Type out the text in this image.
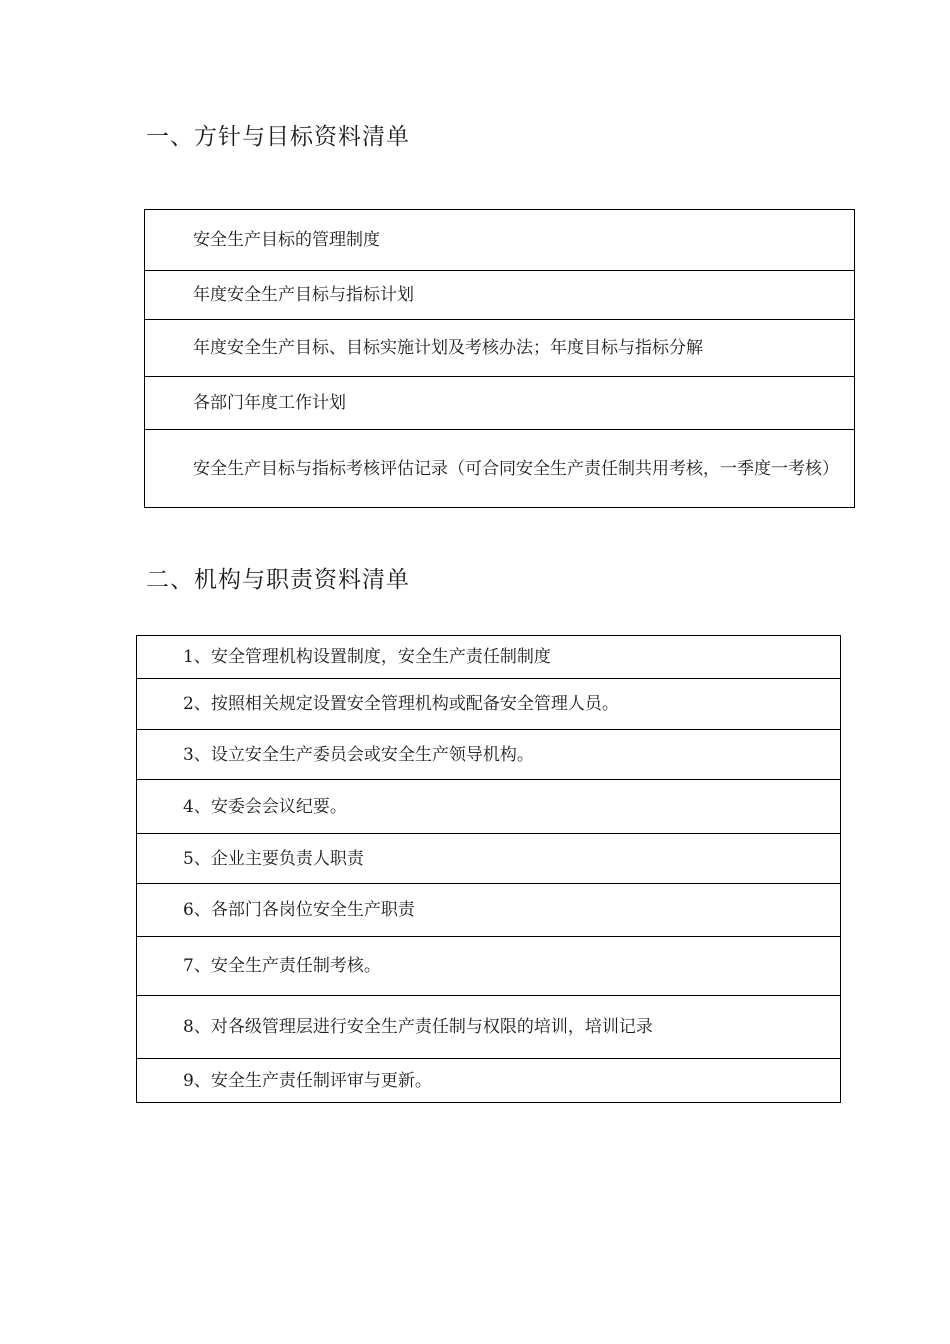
一、方针与目标资料清单
安全生产目标的管理制度
年度安全生产目标与指标计划
年度安全生产目标、目标实施计划及考核办法；年度目标与指标分解
各部门年度工作计划
安全生产目标与指标考核评估记录（可合同安全生产责任制共用考核，一季度一考核）
二、机构与职责资料清单
1、安全管理机构设置制度，安全生产责任制制度
2、按照相关规定设置安全管理机构或配备安全管理人员。
3、设立安全生产委员会或安全生产领导机构。
4、安委会会议纪要。
5、企业主要负责人职责
6、各部门各岗位安全生产职责
7、安全生产责任制考核。
8、对各级管理层进行安全生产责任制与权限的培训，培训记录
9、安全生产责任制评审与更新。
